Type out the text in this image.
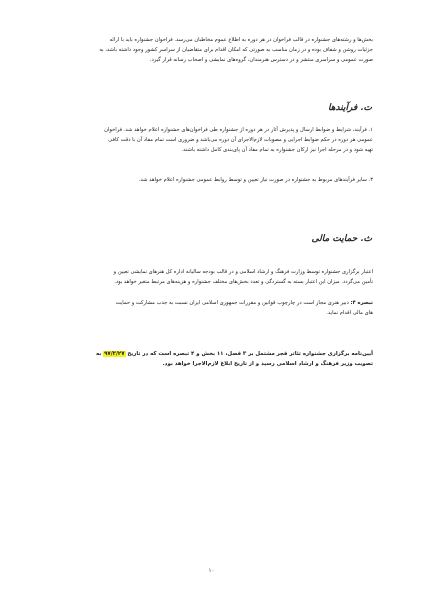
بخش‌ها و رشته‌های جشنواره در قالب فراخوان در هر دوره به اطلاع عموم مخاطبان می‌رسد. فراخوان جشنواره باید با ارائه
جزئیات روشن و شفاف بوده و در زمان مناسب به صورتی که امکان اقدام برای متقاضیان از سراسر کشور وجود داشته باشد، به
صورت عمومی و سراسری منتشر و در دسترس هنرمندان، گروه‌های نمایشی و اصحاب رسانه قرار گیرد.

ت. فرآیندها

۱. فرآیند، شرایط و ضوابط ارسال و پذیرش آثار در هر دوره از جشنواره طی فراخوان‌های جشنواره اعلام خواهد شد. فراخوان
عمومی هر دوره در حکم ضوابط اجرایی و مصوبات لازم‌الاجرای آن دوره می‌باشد و ضروری است تمام مفاد آن با دقت کافی
تهیه شود و در مرحله اجرا نیز ارکان جشنواره به تمام مفاد آن پای‌بندی کامل داشته باشند.

۳. سایر فرآیندهای مربوط به جشنواره در صورت نیاز تعیین و توسط روابط عمومی جشنواره اعلام خواهد شد.

ث. حمایت مالی

اعتبار برگزاری جشنواره توسط وزارت فرهنگ و ارشاد اسلامی و در قالب بودجه سالیانه اداره کل هنرهای نمایشی تعیین و
تأمین می‌گردد. میزان این اعتبار بسته به گستردگی و تعدد بخش‌های مختلف جشنواره و هزینه‌های مرتبط متغیر خواهد بود.

تبصره ۴: دبیر هنری مجاز است در چارچوب قوانین و مقررات جمهوری اسلامی ایران نسبت به جذب مشارکت و حمایت
های مالی اقدام نماید.

آیین‌نامه برگزاری جشنواره تئاتر فجر مشتمل بر ۳ فصل، ۱۱ بخش و ۴ تبصره است که در تاریخ ۹۷/۳/۲۷ به
تصویب وزیر فرهنگ و ارشاد اسلامی رسید و از تاریخ ابلاغ لازم‌الاجرا خواهد بود.

۱۰
